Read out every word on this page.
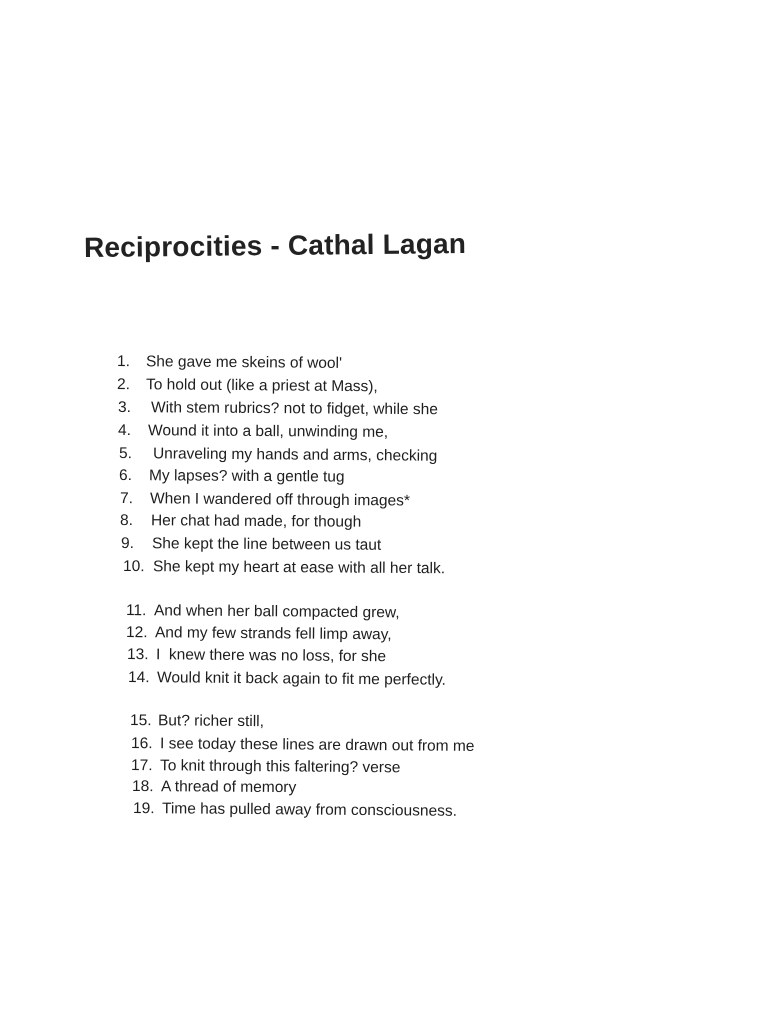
Reciprocities - Cathal Lagan
1. She gave me skeins of wool'
2. To hold out (like a priest at Mass),
3. With stem rubrics? not to fidget, while she
4. Wound it into a ball, unwinding me,
5. Unraveling my hands and arms, checking
6. My lapses? with a gentle tug
7. When I wandered off through images*
8. Her chat had made, for though
9. She kept the line between us taut
10. She kept my heart at ease with all her talk.
11. And when her ball compacted grew,
12. And my few strands fell limp away,
13. I  knew there was no loss, for she
14. Would knit it back again to fit me perfectly.
15. But? richer still,
16. I see today these lines are drawn out from me
17. To knit through this faltering? verse
18. A thread of memory
19. Time has pulled away from consciousness.
